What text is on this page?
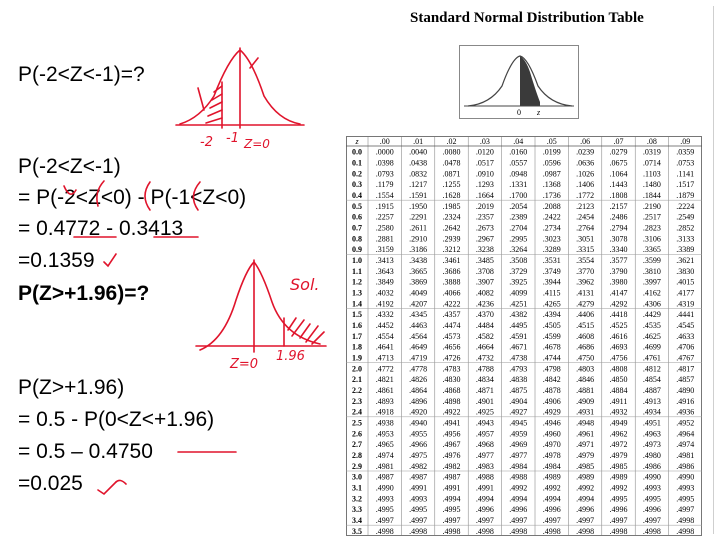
P(-2<Z<-1)=?
P(-2<Z<-1)
= P(-2<Z<0) - P(-1<Z<0)
= 0.4772 - 0.3413
=0.1359
P(Z>+1.96)=?
P(Z>+1.96)
= 0.5 - P(0<Z<+1.96)
= 0.5 – 0.4750
=0.025
-2 -1 Z=0
Sol.
Z=0
1.96
Standard Normal Distribution Table
0 z
z	.00	.01	.02	.03	.04	.05	.06	.07	.08	.09
0.0 .0000 .0040 .0080 .0120 .0160 .0199 .0239 .0279 .0319 .0359
0.1 .0398 .0438 .0478 .0517 .0557 .0596 .0636 .0675 .0714 .0753
0.2 .0793 .0832 .0871 .0910 .0948 .0987 .1026 .1064 .1103 .1141
0.3 .1179 .1217 .1255 .1293 .1331 .1368 .1406 .1443 .1480 .1517
0.4 .1554 .1591 .1628 .1664 .1700 .1736 .1772 .1808 .1844 .1879
0.5 .1915 .1950 .1985 .2019 .2054 .2088 .2123 .2157 .2190 .2224
0.6 .2257 .2291 .2324 .2357 .2389 .2422 .2454 .2486 .2517 .2549
0.7 .2580 .2611 .2642 .2673 .2704 .2734 .2764 .2794 .2823 .2852
0.8 .2881 .2910 .2939 .2967 .2995 .3023 .3051 .3078 .3106 .3133
0.9 .3159 .3186 .3212 .3238 .3264 .3289 .3315 .3340 .3365 .3389
1.0 .3413 .3438 .3461 .3485 .3508 .3531 .3554 .3577 .3599 .3621
1.1 .3643 .3665 .3686 .3708 .3729 .3749 .3770 .3790 .3810 .3830
1.2 .3849 .3869 .3888 .3907 .3925 .3944 .3962 .3980 .3997 .4015
1.3 .4032 .4049 .4066 .4082 .4099 .4115 .4131 .4147 .4162 .4177
1.4 .4192 .4207 .4222 .4236 .4251 .4265 .4279 .4292 .4306 .4319
1.5 .4332 .4345 .4357 .4370 .4382 .4394 .4406 .4418 .4429 .4441
1.6 .4452 .4463 .4474 .4484 .4495 .4505 .4515 .4525 .4535 .4545
1.7 .4554 .4564 .4573 .4582 .4591 .4599 .4608 .4616 .4625 .4633
1.8 .4641 .4649 .4656 .4664 .4671 .4678 .4686 .4693 .4699 .4706
1.9 .4713 .4719 .4726 .4732 .4738 .4744 .4750 .4756 .4761 .4767
2.0 .4772 .4778 .4783 .4788 .4793 .4798 .4803 .4808 .4812 .4817
2.1 .4821 .4826 .4830 .4834 .4838 .4842 .4846 .4850 .4854 .4857
2.2 .4861 .4864 .4868 .4871 .4875 .4878 .4881 .4884 .4887 .4890
2.3 .4893 .4896 .4898 .4901 .4904 .4906 .4909 .4911 .4913 .4916
2.4 .4918 .4920 .4922 .4925 .4927 .4929 .4931 .4932 .4934 .4936
2.5 .4938 .4940 .4941 .4943 .4945 .4946 .4948 .4949 .4951 .4952
2.6 .4953 .4955 .4956 .4957 .4959 .4960 .4961 .4962 .4963 .4964
2.7 .4965 .4966 .4967 .4968 .4969 .4970 .4971 .4972 .4973 .4974
2.8 .4974 .4975 .4976 .4977 .4977 .4978 .4979 .4979 .4980 .4981
2.9 .4981 .4982 .4982 .4983 .4984 .4984 .4985 .4985 .4986 .4986
3.0 .4987 .4987 .4987 .4988 .4988 .4989 .4989 .4989 .4990 .4990
3.1 .4990 .4991 .4991 .4991 .4992 .4992 .4992 .4992 .4993 .4993
3.2 .4993 .4993 .4994 .4994 .4994 .4994 .4994 .4995 .4995 .4995
3.3 .4995 .4995 .4995 .4996 .4996 .4996 .4996 .4996 .4996 .4997
3.4 .4997 .4997 .4997 .4997 .4997 .4997 .4997 .4997 .4997 .4998
3.5 .4998 .4998 .4998 .4998 .4998 .4998 .4998 .4998 .4998 .4998
